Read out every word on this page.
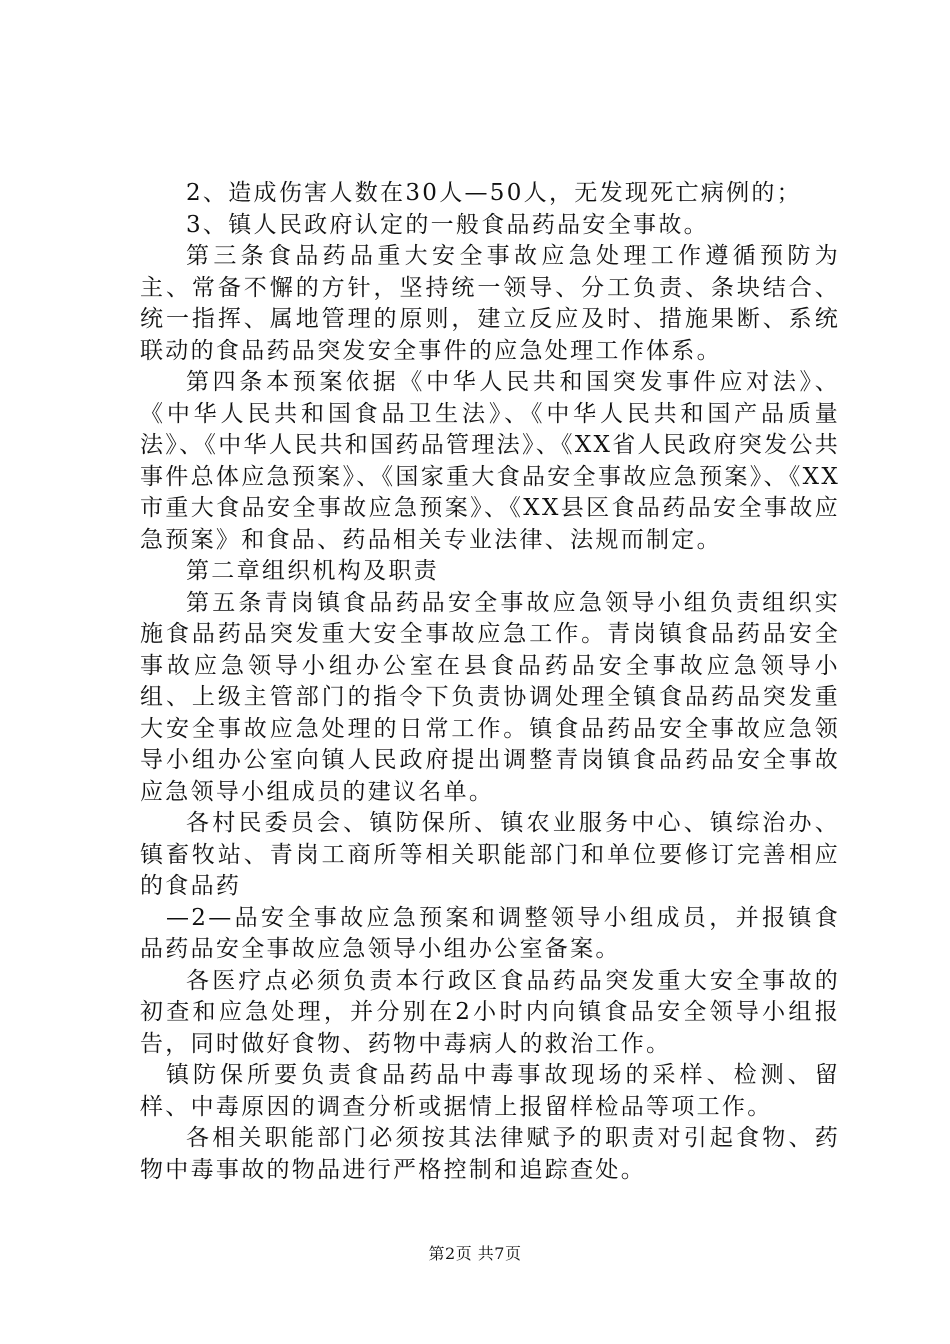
2、造成伤害人数在30人—50人，无发现死亡病例的；

3、镇人民政府认定的一般食品药品安全事故。

第三条食品药品重大安全事故应急处理工作遵循预防为主、常备不懈的方针，坚持统一领导、分工负责、条块结合、统一指挥、属地管理的原则，建立反应及时、措施果断、系统联动的食品药品突发安全事件的应急处理工作体系。

第四条本预案依据《中华人民共和国突发事件应对法》、《中华人民共和国食品卫生法》、《中华人民共和国产品质量法》、《中华人民共和国药品管理法》、《XX省人民政府突发公共事件总体应急预案》、《国家重大食品安全事故应急预案》、《XX市重大食品安全事故应急预案》、《XX县区食品药品安全事故应急预案》和食品、药品相关专业法律、法规而制定。

第二章组织机构及职责

第五条青岗镇食品药品安全事故应急领导小组负责组织实施食品药品突发重大安全事故应急工作。青岗镇食品药品安全事故应急领导小组办公室在县食品药品安全事故应急领导小组、上级主管部门的指令下负责协调处理全镇食品药品突发重大安全事故应急处理的日常工作。镇食品药品安全事故应急领导小组办公室向镇人民政府提出调整青岗镇食品药品安全事故应急领导小组成员的建议名单。

各村民委员会、镇防保所、镇农业服务中心、镇综治办、镇畜牧站、青岗工商所等相关职能部门和单位要修订完善相应的食品药

—2—品安全事故应急预案和调整领导小组成员，并报镇食品药品安全事故应急领导小组办公室备案。

各医疗点必须负责本行政区食品药品突发重大安全事故的初查和应急处理，并分别在2小时内向镇食品安全领导小组报告，同时做好食物、药物中毒病人的救治工作。

镇防保所要负责食品药品中毒事故现场的采样、检测、留样、中毒原因的调查分析或据情上报留样检品等项工作。

各相关职能部门必须按其法律赋予的职责对引起食物、药物中毒事故的物品进行严格控制和追踪查处。

第2页 共7页
